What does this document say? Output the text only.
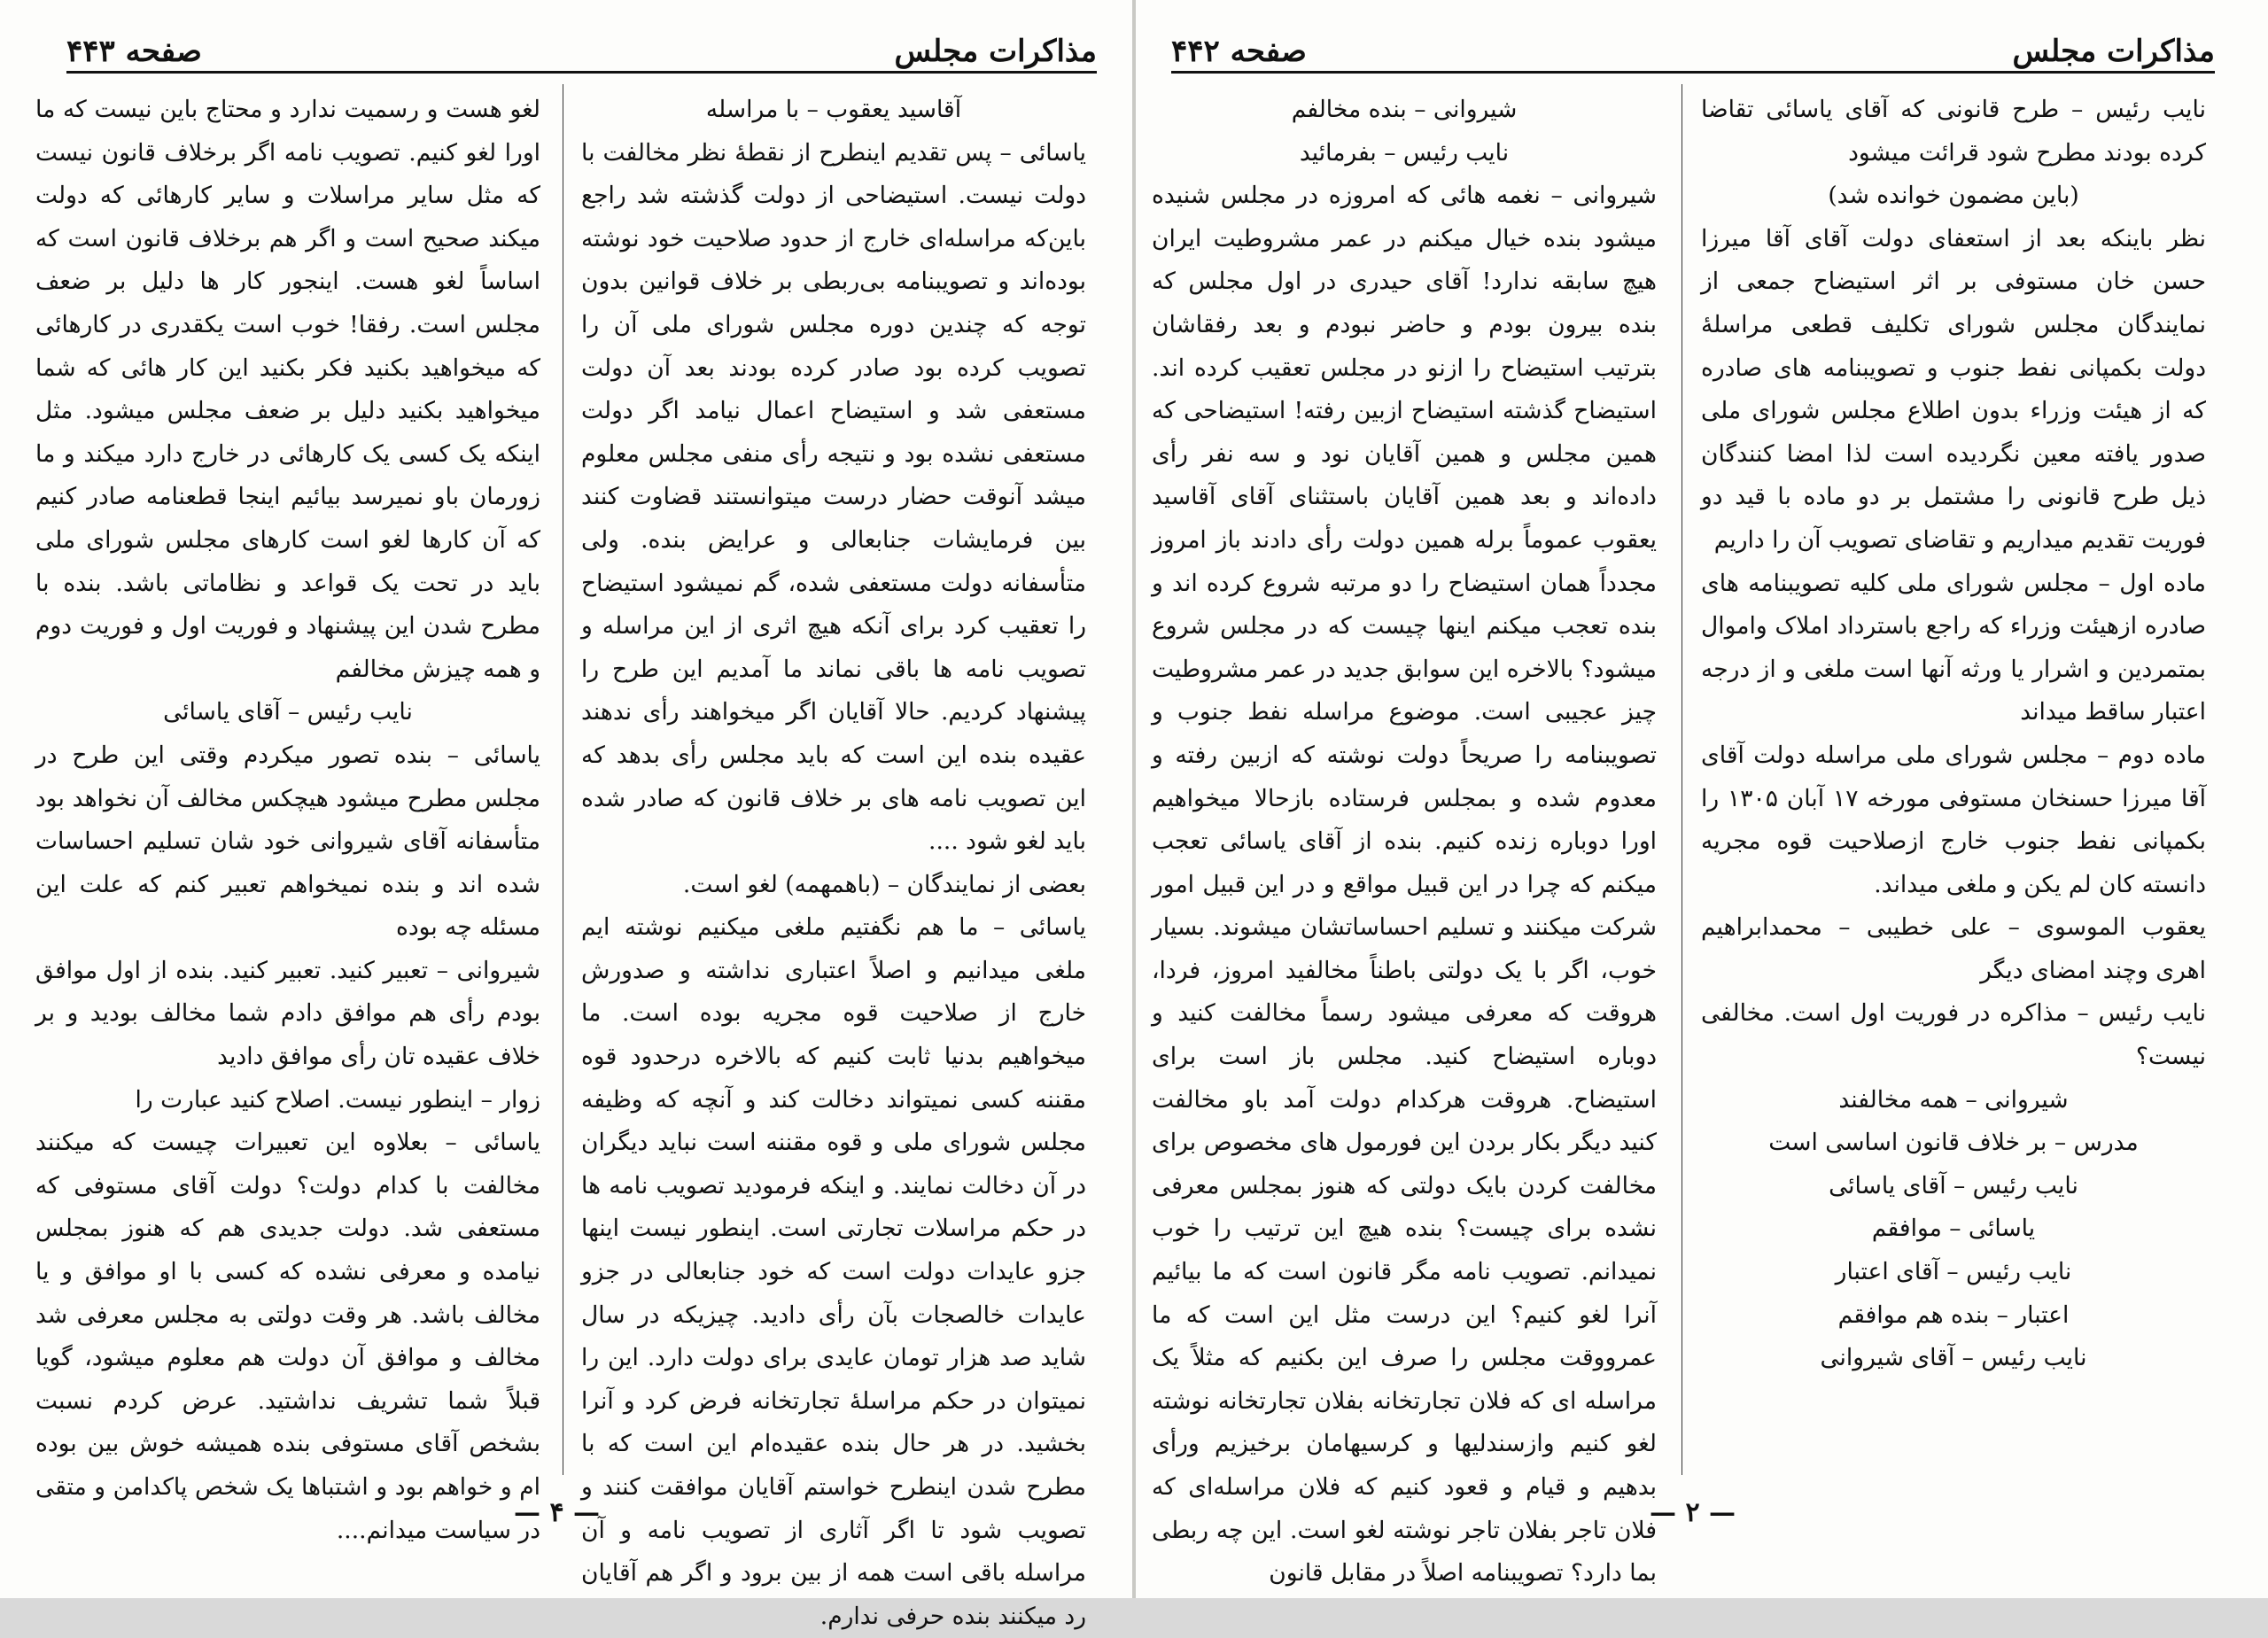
مذاکرات مجلس
صفحه ۴۴۳

آقاسید یعقوب – با مراسله

یاسائی – پس تقدیم اینطرح از نقطهٔ نظر مخالفت با دولت نیست. استیضاحی از دولت گذشته شد راجع باین‌که مراسله‌ای خارج از حدود صلاحیت خود نوشته بوده‌اند و تصویبنامه بی‌ربطی بر خلاف قوانین بدون توجه که چندین دوره مجلس شورای ملی آن را تصویب کرده بود صادر کرده بودند بعد آن دولت مستعفی شد و استیضاح اعمال نیامد اگر دولت مستعفی نشده بود و نتیجه رأی منفی مجلس معلوم میشد آنوقت حضار درست میتوانستند قضاوت کنند بین فرمایشات جنابعالی و عرایض بنده. ولی متأسفانه دولت مستعفی شده، گم نمیشود استیضاح را تعقیب کرد برای آنکه هیچ اثری از این مراسله و تصویب نامه ها باقی نماند ما آمدیم این طرح را پیشنهاد کردیم. حالا آقایان اگر میخواهند رأی ندهند عقیده بنده این است که باید مجلس رأی بدهد که این تصویب نامه های بر خلاف قانون که صادر شده باید لغو شود ....

بعضی از نمایندگان – (باهمهمه) لغو است.

یاسائی – ما هم نگفتیم ملغی میکنیم نوشته ایم ملغی میدانیم و اصلاً اعتباری نداشته و صدورش خارج از صلاحیت قوه مجریه بوده است. ما میخواهیم بدنیا ثابت کنیم که بالاخره درحدود قوه مقننه کسی نمیتواند دخالت کند و آنچه که وظیفه مجلس شورای ملی و قوه مقننه است نباید دیگران در آن دخالت نمایند. و اینکه فرمودید تصویب نامه ها در حکم مراسلات تجارتی است. اینطور نیست اینها جزو عایدات دولت است که خود جنابعالی در جزو عایدات خالصجات بآن رأی دادید. چیزیکه در سال شاید صد هزار تومان عایدی برای دولت دارد. این را نمیتوان در حکم مراسلهٔ تجارتخانه فرض کرد و آنرا بخشید. در هر حال بنده عقیده‌ام این است که با مطرح شدن اینطرح خواستم آقایان موافقت کنند و تصویب شود تا اگر آثاری از تصویب نامه و آن مراسله باقی است همه از بین برود و اگر هم آقایان رد میکنند بنده حرفی ندارم.

لغو هست و رسمیت ندارد و محتاج باین نیست که ما اورا لغو کنیم. تصویب نامه اگر برخلاف قانون نیست که مثل سایر مراسلات و سایر کارهائی که دولت میکند صحیح است و اگر هم برخلاف قانون است که اساساً لغو هست. اینجور کار ها دلیل بر ضعف مجلس است. رفقا! خوب است یکقدری در کارهائی که میخواهید بکنید فکر بکنید این کار هائی که شما میخواهید بکنید دلیل بر ضعف مجلس میشود. مثل اینکه یک کسی یک کارهائی در خارج دارد میکند و ما زورمان باو نمیرسد بیائیم اینجا قطعنامه صادر کنیم که آن کارها لغو است کارهای مجلس شورای ملی باید در تحت یک قواعد و نظاماتی باشد. بنده با مطرح شدن این پیشنهاد و فوریت اول و فوریت دوم و همه چیزش مخالفم

نایب رئیس – آقای یاسائی

یاسائی – بنده تصور میکردم وقتی این طرح در مجلس مطرح میشود هیچکس مخالف آن نخواهد بود متأسفانه آقای شیروانی خود شان تسلیم احساسات شده اند و بنده نمیخواهم تعبیر کنم که علت این مسئله چه بوده

شیروانی – تعبیر کنید. تعبیر کنید. بنده از اول موافق بودم رأی هم موافق دادم شما مخالف بودید و بر خلاف عقیده تان رأی موافق دادید

زوار – اینطور نیست. اصلاح کنید عبارت را

یاسائی – بعلاوه این تعبیرات چیست که میکنند مخالفت با کدام دولت؟ دولت آقای مستوفی که مستعفی شد. دولت جدیدی هم که هنوز بمجلس نیامده و معرفی نشده که کسی با او موافق و یا مخالف باشد. هر وقت دولتی به مجلس معرفی شد مخالف و موافق آن دولت هم معلوم میشود، گویا قبلاً شما تشریف نداشتید. عرض کردم نسبت بشخص آقای مستوفی بنده همیشه خوش بین بوده ام و خواهم بود و اشتباها یک شخص پاکدامن و متقی در سیاست میدانم....

— ۴ —
مذاکرات مجلس
صفحه ۴۴۲

نایب رئیس – طرح قانونی که آقای یاسائی تقاضا کرده بودند مطرح شود قرائت میشود

(باین مضمون خوانده شد)

نظر باینکه بعد از استعفای دولت آقای آقا میرزا حسن خان مستوفی بر اثر استیضاح جمعی از نمایندگان مجلس شورای تکلیف قطعی مراسلهٔ دولت بکمپانی نفط جنوب و تصویبنامه های صادره که از هیئت وزراء بدون اطلاع مجلس شورای ملی صدور یافته معین نگردیده است لذا امضا کنندگان ذیل طرح قانونی را مشتمل بر دو ماده با قید دو فوریت تقدیم میداریم و تقاضای تصویب آن را داریم

ماده اول – مجلس شورای ملی کلیه تصویبنامه های صادره ازهیئت وزراء که راجع باسترداد املاک واموال بمتمردین و اشرار یا ورثه آنها است ملغی و از درجه اعتبار ساقط میداند

ماده دوم – مجلس شورای ملی مراسله دولت آقای آقا میرزا حسنخان مستوفی مورخه ۱۷ آبان ۱۳۰۵ را بکمپانی نفط جنوب خارج ازصلاحیت قوه مجریه دانسته کان لم یکن و ملغی میداند.

یعقوب الموسوی – علی خطیبی – محمدابراهیم اهری وچند امضای دیگر

نایب رئیس – مذاکره در فوریت اول است. مخالفی نیست؟

شیروانی – همه مخالفند

مدرس – بر خلاف قانون اساسی است

نایب رئیس – آقای یاسائی

یاسائی – موافقم

نایب رئیس – آقای اعتبار

اعتبار – بنده هم موافقم

نایب رئیس – آقای شیروانی

شیروانی – بنده مخالفم

نایب رئیس – بفرمائید

شیروانی – نغمه هائی که امروزه در مجلس شنیده میشود بنده خیال میکنم در عمر مشروطیت ایران هیچ سابقه ندارد! آقای حیدری در اول مجلس که بنده بیرون بودم و حاضر نبودم و بعد رفقاشان بترتیب استیضاح را ازنو در مجلس تعقیب کرده اند. استیضاح گذشته استیضاح ازبین رفته! استیضاحی که همین مجلس و همین آقایان نود و سه نفر رأی داده‌اند و بعد همین آقایان باستثنای آقای آقاسید یعقوب عموماً برله همین دولت رأی دادند باز امروز مجدداً همان استیضاح را دو مرتبه شروع کرده اند و بنده تعجب میکنم اینها چیست که در مجلس شروع میشود؟ بالاخره این سوابق جدید در عمر مشروطیت چیز عجیبی است. موضوع مراسله نفط جنوب و تصویبنامه را صریحاً دولت نوشته که ازبین رفته و معدوم شده و بمجلس فرستاده بازحالا میخواهیم اورا دوباره زنده کنیم. بنده از آقای یاسائی تعجب میکنم که چرا در این قبیل مواقع و در این قبیل امور شرکت میکنند و تسلیم احساساتشان میشوند. بسیار خوب، اگر با یک دولتی باطناً مخالفید امروز، فردا، هروقت که معرفی میشود رسماً مخالفت کنید و دوباره استیضاح کنید. مجلس باز است برای استیضاح. هروقت هرکدام دولت آمد باو مخالفت کنید دیگر بکار بردن این فورمول های مخصوص برای مخالفت کردن بایک دولتی که هنوز بمجلس معرفی نشده برای چیست؟ بنده هیچ این ترتیب را خوب نمیدانم. تصویب نامه مگر قانون است که ما بیائیم آنرا لغو کنیم؟ این درست مثل این است که ما عمرووقت مجلس را صرف این بکنیم که مثلاً یک مراسله ای که فلان تجارتخانه بفلان تجارتخانه نوشته لغو کنیم وازسندلیها و کرسیهامان برخیزیم ورأی بدهیم و قیام و قعود کنیم که فلان مراسله‌ای که فلان تاجر بفلان تاجر نوشته لغو است. این چه ربطی بما دارد؟ تصویبنامه اصلاً در مقابل قانون

— ۲ —
